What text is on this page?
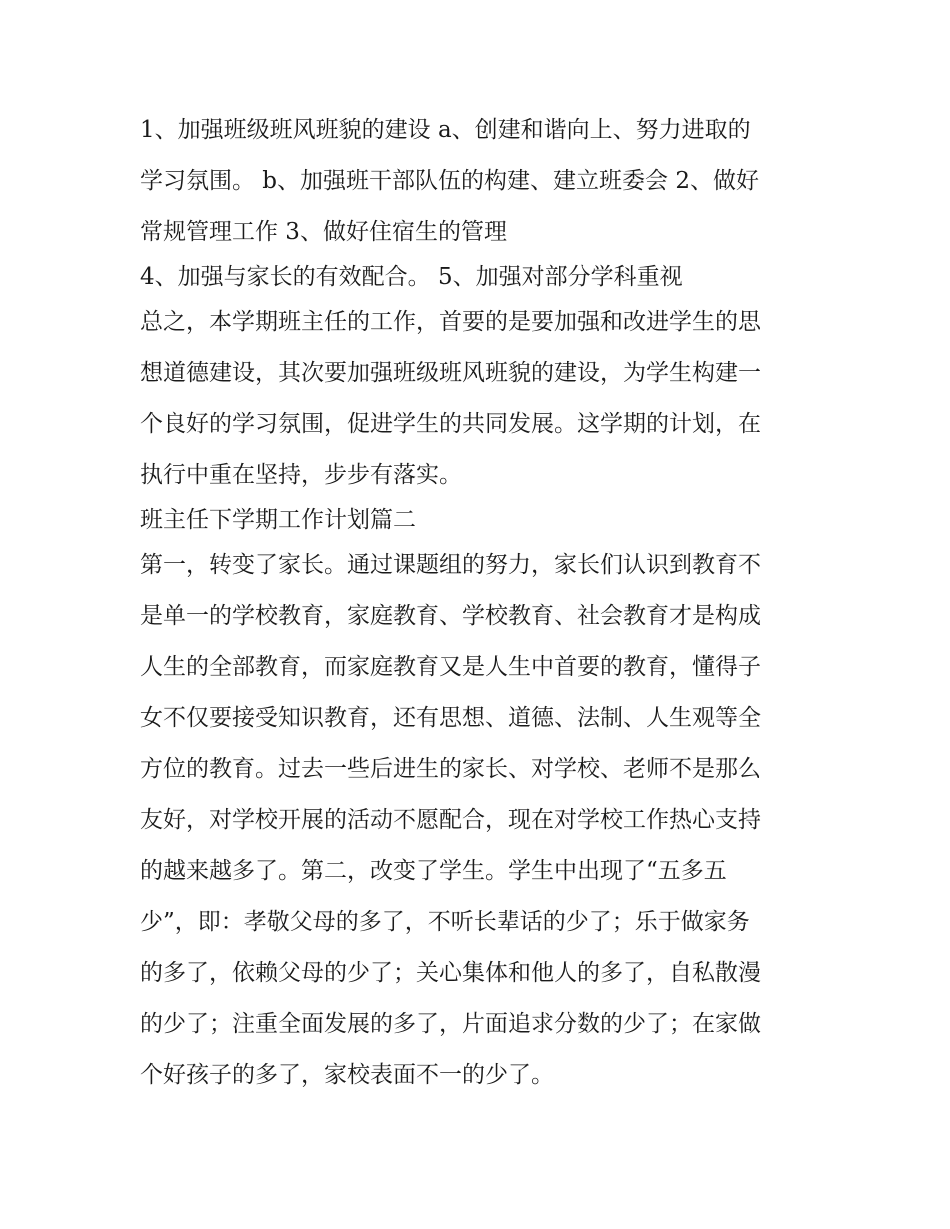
1、加强班级班风班貌的建设 a、创建和谐向上、努力进取的
学习氛围。 b、加强班干部队伍的构建、建立班委会 2、做好
常规管理工作 3、做好住宿生的管理
4、加强与家长的有效配合。 5、加强对部分学科重视
总之，本学期班主任的工作，首要的是要加强和改进学生的思
想道德建设，其次要加强班级班风班貌的建设，为学生构建一
个良好的学习氛围，促进学生的共同发展。这学期的计划，在
执行中重在坚持，步步有落实。
班主任下学期工作计划篇二
第一，转变了家长。通过课题组的努力，家长们认识到教育不
是单一的学校教育，家庭教育、学校教育、社会教育才是构成
人生的全部教育，而家庭教育又是人生中首要的教育，懂得子
女不仅要接受知识教育，还有思想、道德、法制、人生观等全
方位的教育。过去一些后进生的家长、对学校、老师不是那么
友好，对学校开展的活动不愿配合，现在对学校工作热心支持
的越来越多了。第二，改变了学生。学生中出现了“五多五
少”，即：孝敬父母的多了，不听长辈话的少了；乐于做家务
的多了，依赖父母的少了；关心集体和他人的多了，自私散漫
的少了；注重全面发展的多了，片面追求分数的少了；在家做
个好孩子的多了，家校表面不一的少了。
